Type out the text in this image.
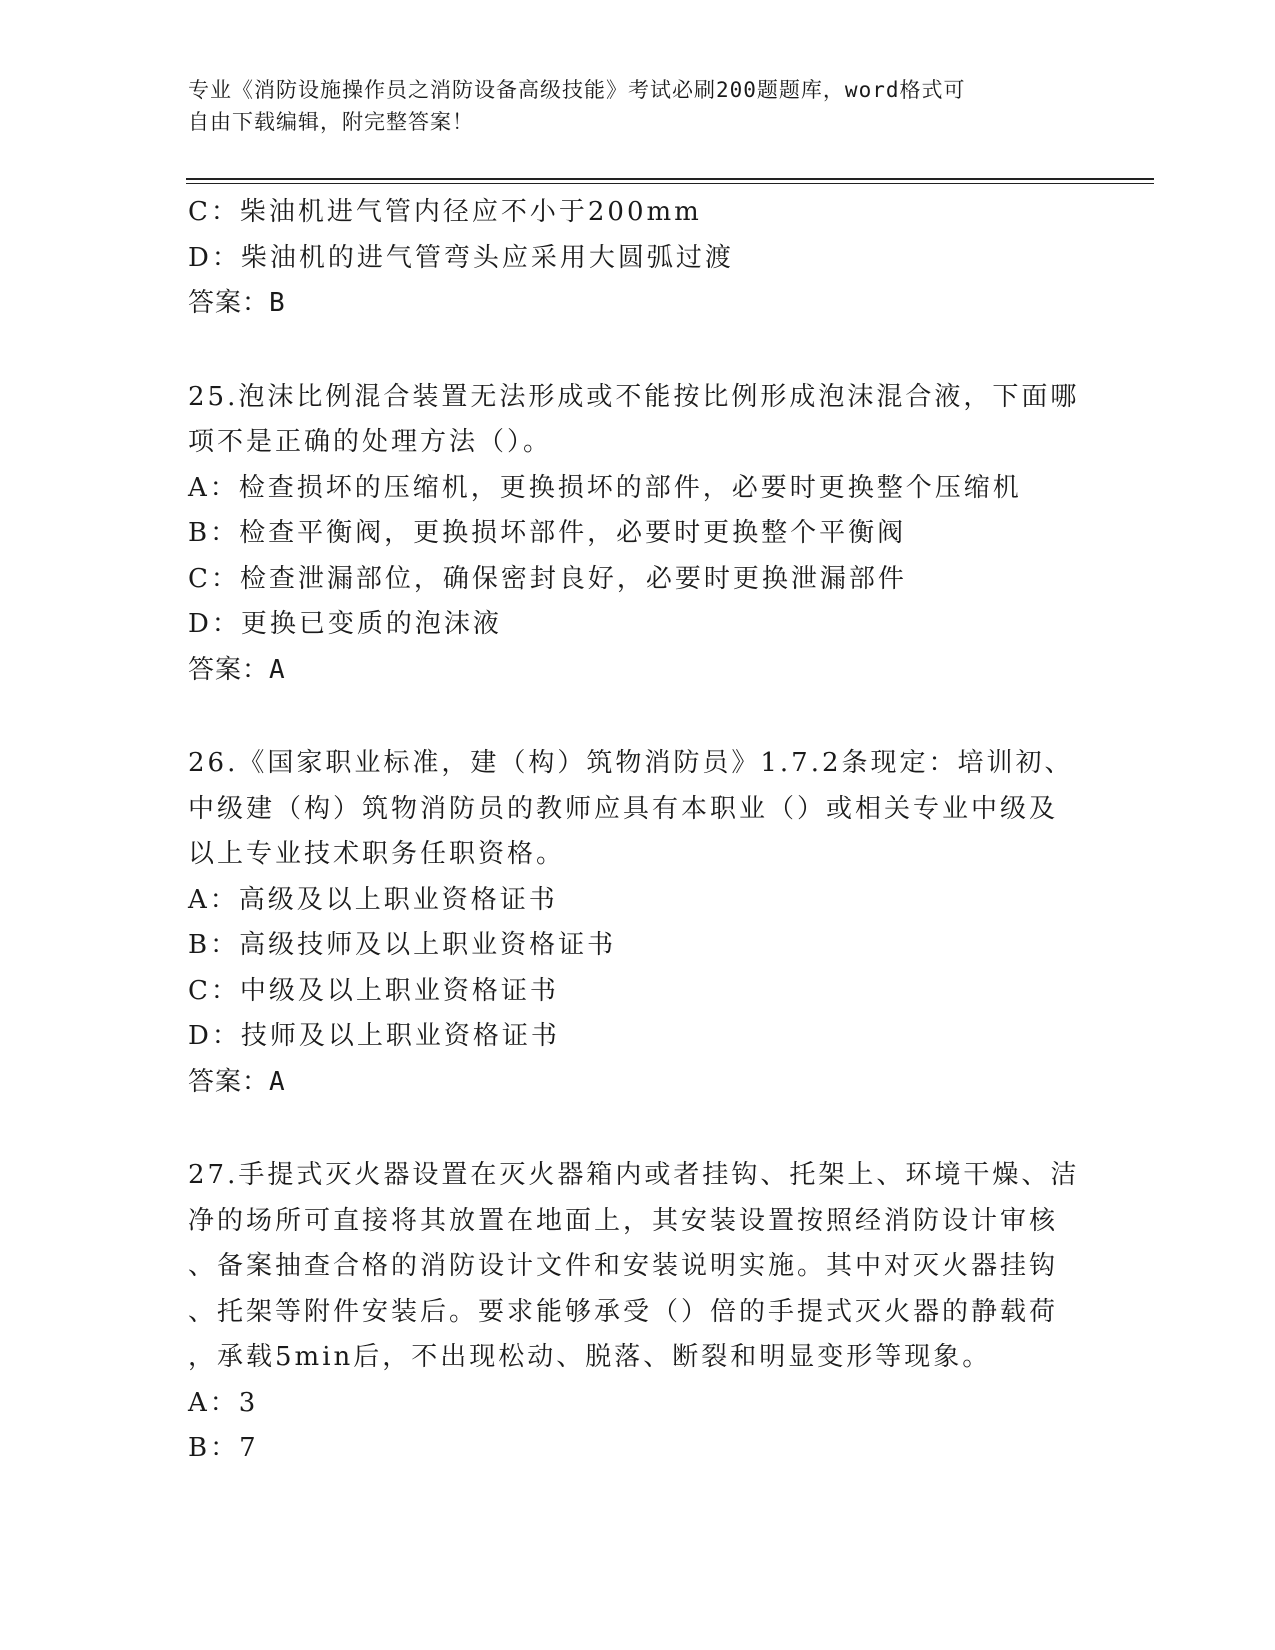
专业《消防设施操作员之消防设备高级技能》考试必刷200题题库，word格式可
自由下载编辑，附完整答案！
C：柴油机进气管内径应不小于200mm
D：柴油机的进气管弯头应采用大圆弧过渡
答案：B
25.泡沫比例混合装置无法形成或不能按比例形成泡沫混合液，下面哪
项不是正确的处理方法（）。
A：检查损坏的压缩机，更换损坏的部件，必要时更换整个压缩机
B：检查平衡阀，更换损坏部件，必要时更换整个平衡阀
C：检查泄漏部位，确保密封良好，必要时更换泄漏部件
D：更换已变质的泡沫液
答案：A
26.《国家职业标准，建（构）筑物消防员》1.7.2条现定：培训初、
中级建（构）筑物消防员的教师应具有本职业（）或相关专业中级及
以上专业技术职务任职资格。
A：高级及以上职业资格证书
B：高级技师及以上职业资格证书
C：中级及以上职业资格证书
D：技师及以上职业资格证书
答案：A
27.手提式灭火器设置在灭火器箱内或者挂钩、托架上、环境干燥、洁
净的场所可直接将其放置在地面上，其安装设置按照经消防设计审核
、备案抽查合格的消防设计文件和安装说明实施。其中对灭火器挂钩
、托架等附件安装后。要求能够承受（）倍的手提式灭火器的静载荷
，承载5min后，不出现松动、脱落、断裂和明显变形等现象。
A：3
B：7
